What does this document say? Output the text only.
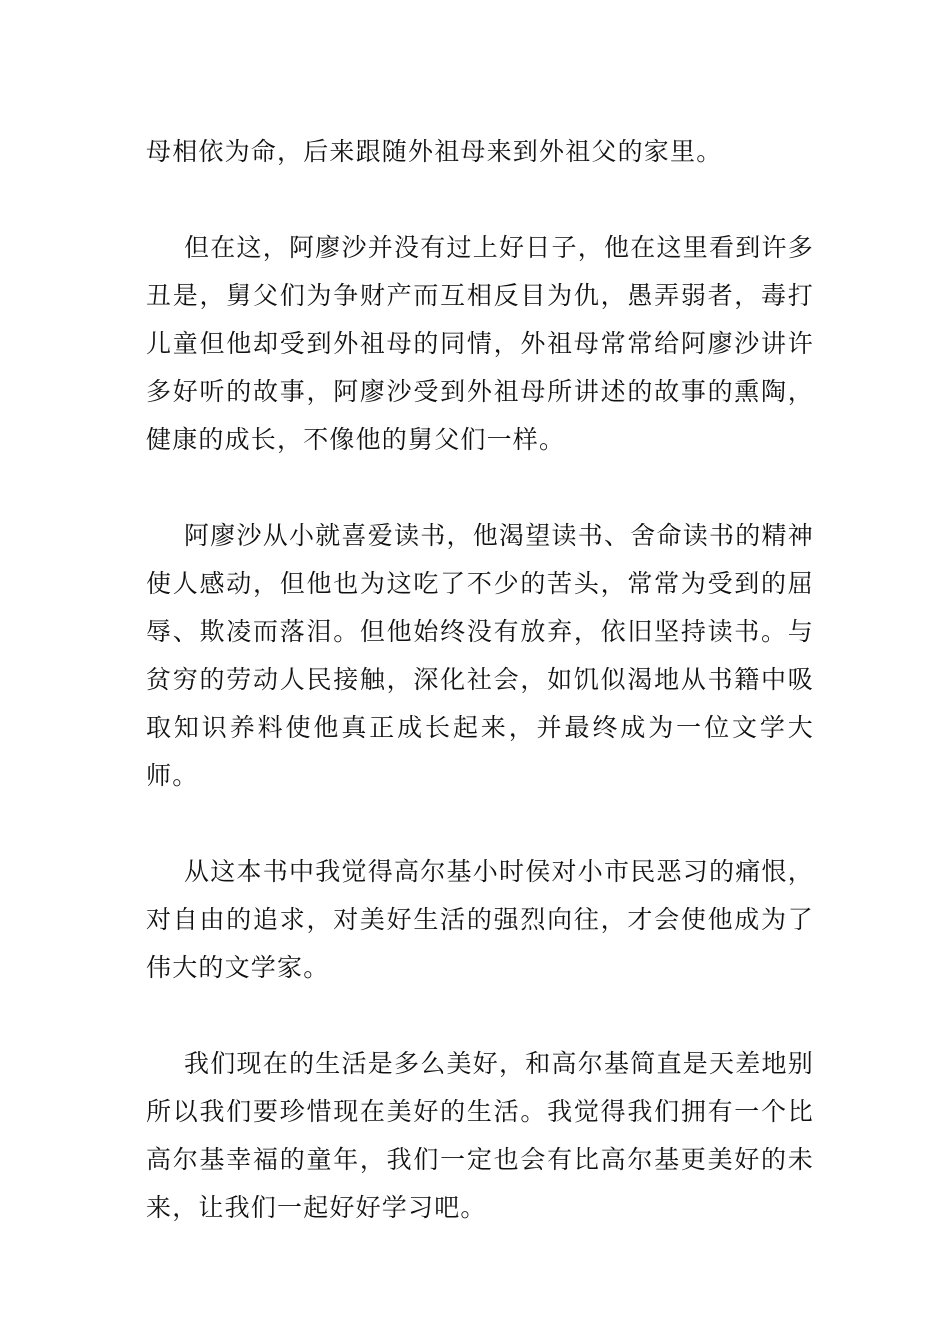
母相依为命，后来跟随外祖母来到外祖父的家里。

但在这，阿廖沙并没有过上好日子，他在这里看到许多丑是，舅父们为争财产而互相反目为仇，愚弄弱者，毒打儿童但他却受到外祖母的同情，外祖母常常给阿廖沙讲许多好听的故事，阿廖沙受到外祖母所讲述的故事的熏陶，健康的成长，不像他的舅父们一样。

阿廖沙从小就喜爱读书，他渴望读书、舍命读书的精神使人感动，但他也为这吃了不少的苦头，常常为受到的屈辱、欺凌而落泪。但他始终没有放弃，依旧坚持读书。与贫穷的劳动人民接触，深化社会，如饥似渴地从书籍中吸取知识养料使他真正成长起来，并最终成为一位文学大师。

从这本书中我觉得高尔基小时侯对小市民恶习的痛恨，对自由的追求，对美好生活的强烈向往，才会使他成为了伟大的文学家。

我们现在的生活是多么美好，和高尔基简直是天差地别所以我们要珍惜现在美好的生活。我觉得我们拥有一个比高尔基幸福的童年，我们一定也会有比高尔基更美好的未来，让我们一起好好学习吧。
